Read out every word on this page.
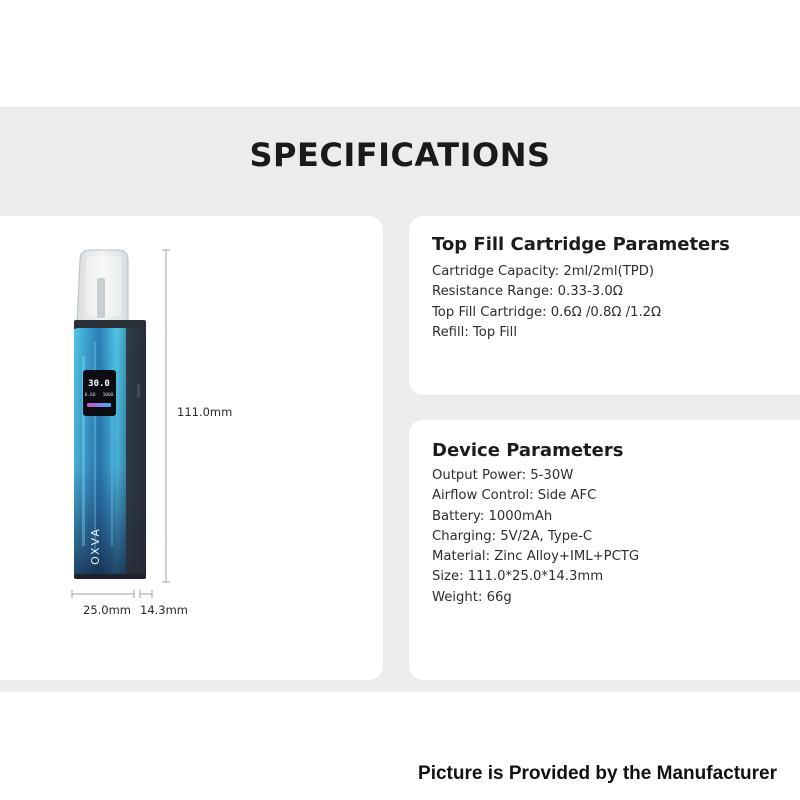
SPECIFICATIONS
30.0
0.6Ω 1000
OXVA
111.0mm
25.0mm 14.3mm
Top Fill Cartridge Parameters
Cartridge Capacity: 2ml/2ml(TPD)
Resistance Range: 0.33-3.0Ω
Top Fill Cartridge: 0.6Ω /0.8Ω /1.2Ω
Refill: Top Fill
Device Parameters
Output Power: 5-30W
Airflow Control: Side AFC
Battery: 1000mAh
Charging: 5V/2A, Type-C
Material: Zinc Alloy+IML+PCTG
Size: 111.0*25.0*14.3mm
Weight: 66g
Picture is Provided by the Manufacturer
